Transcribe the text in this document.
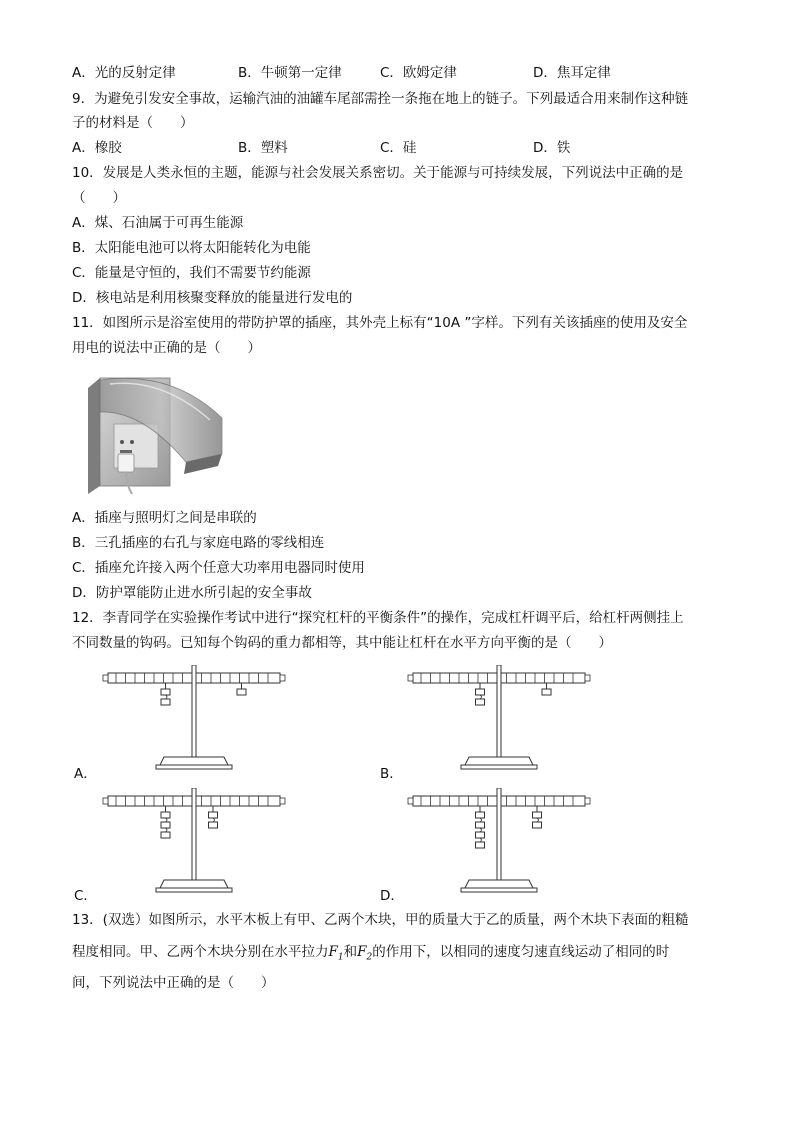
A．光的反射定律	B．牛顿第一定律	C．欧姆定律	D．焦耳定律
9．为避免引发安全事故，运输汽油的油罐车尾部需拴一条拖在地上的链子。下列最适合用来制作这种链
子的材料是（　　）
A．橡胶	B．塑料	C．硅	D．铁
10．发展是人类永恒的主题，能源与社会发展关系密切。关于能源与可持续发展，下列说法中正确的是
（　　）
A．煤、石油属于可再生能源
B．太阳能电池可以将太阳能转化为电能
C．能量是守恒的，我们不需要节约能源
D．核电站是利用核聚变释放的能量进行发电的
11．如图所示是浴室使用的带防护罩的插座，其外壳上标有“10A ”字样。下列有关该插座的使用及安全
用电的说法中正确的是（　　）
A．插座与照明灯之间是串联的
B．三孔插座的右孔与家庭电路的零线相连
C．插座允许接入两个任意大功率用电器同时使用
D．防护罩能防止进水所引起的安全事故
12．李青同学在实验操作考试中进行“探究杠杆的平衡条件”的操作，完成杠杆调平后，给杠杆两侧挂上
不同数量的钩码。已知每个钩码的重力都相等，其中能让杠杆在水平方向平衡的是（　　）
A．	B．
C．	D．
13．(双选）如图所示，水平木板上有甲、乙两个木块，甲的质量大于乙的质量，两个木块下表面的粗糙
程度相同。甲、乙两个木块分别在水平拉力$F_1$和$F_2$的作用下，以相同的速度匀速直线运动了相同的时
间，下列说法中正确的是（　　）
